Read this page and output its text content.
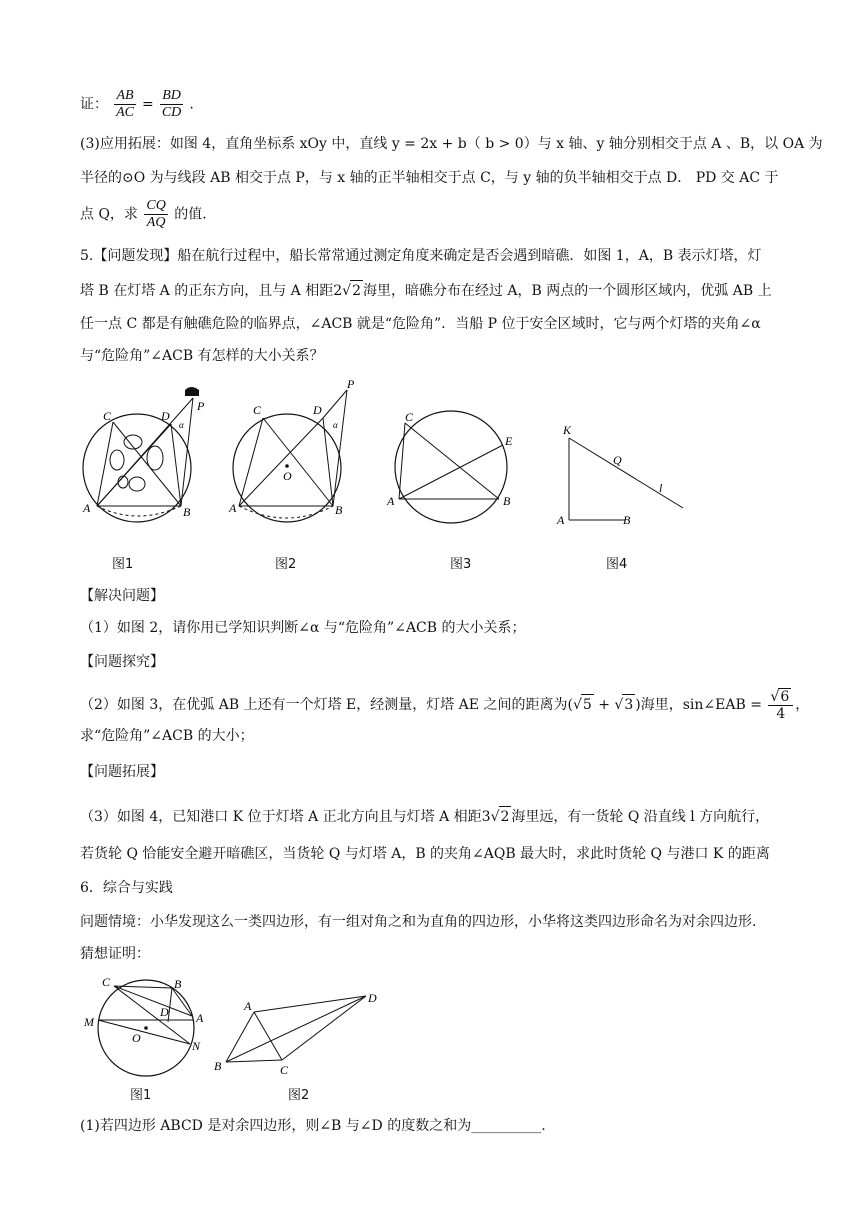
证： $\frac{AB}{AC} = \frac{BD}{CD}$ .
(3)应用拓展：如图 4，直角坐标系 xOy 中，直线 y = 2x + b（ b > 0）与 x 轴、y 轴分别相交于点 A 、B，以 OA 为
半径的⊙O 为与线段 AB 相交于点 P，与 x 轴的正半轴相交于点 C，与 y 轴的负半轴相交于点 D． PD 交 AC 于
点 Q，求 $\frac{CQ}{AQ}$ 的值.
5.【问题发现】船在航行过程中，船长常常通过测定角度来确定是否会遇到暗礁．如图 1，A，B 表示灯塔，灯
塔 B 在灯塔 A 的正东方向，且与 A 相距2√2 海里，暗礁分布在经过 A，B 两点的一个圆形区域内，优弧 AB 上
任一点 C 都是有触礁危险的临界点，∠ACB 就是“危险角”．当船 P 位于安全区域时，它与两个灯塔的夹角∠α
与“危险角”∠ACB 有怎样的大小关系？
C	D
P
A	B
α
图1
C	D
P
O
A	B
α
图2
C
E
A	B
图3
K
Q
l
A	B
图4
【解决问题】
（1）如图 2，请你用已学知识判断∠α 与“危险角”∠ACB 的大小关系；
【问题探究】
（2）如图 3，在优弧 AB 上还有一个灯塔 E，经测量，灯塔 AE 之间的距离为(√5 + √3 )海里，sin∠EAB = $\frac{√6}{4}$ ，
求“危险角”∠ACB 的大小；
【问题拓展】
（3）如图 4，已知港口 K 位于灯塔 A 正北方向且与灯塔 A 相距3√2 海里远，有一货轮 Q 沿直线 l 方向航行，
若货轮 Q 恰能安全避开暗礁区，当货轮 Q 与灯塔 A，B 的夹角∠AQB 最大时，求此时货轮 Q 与港口 K 的距离
6．综合与实践
问题情境：小华发现这么一类四边形，有一组对角之和为直角的四边形，小华将这类四边形命名为对余四边形.
猜想证明：
C	B
M
D A
O
N
图1
A
D
B	C
图2
(1)若四边形 ABCD 是对余四边形，则∠B 与∠D 的度数之和为__________.
